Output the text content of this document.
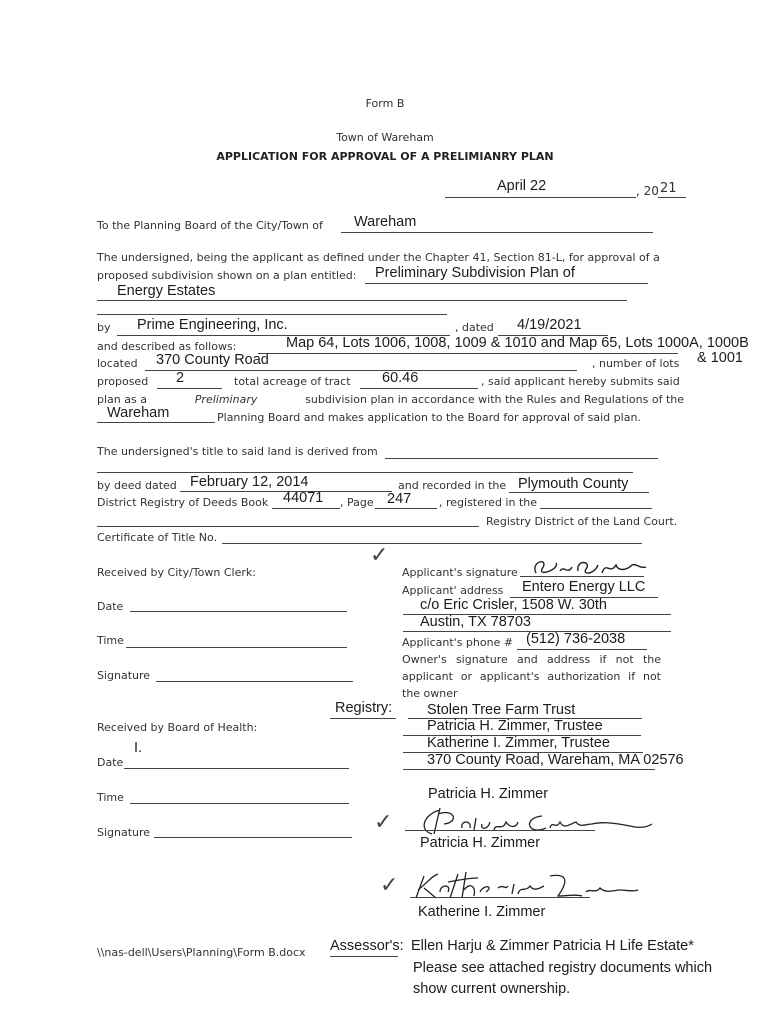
Form B
Town of Wareham
APPLICATION FOR APPROVAL OF A PRELIMIANRY PLAN
April 22	, 20 21
To the Planning Board of the City/Town of Wareham
The undersigned, being the applicant as defined under the Chapter 41, Section 81-L, for approval of a
proposed subdivision shown on a plan entitled: Preliminary Subdivision Plan of
Energy Estates
by Prime Engineering, Inc.	, dated 4/19/2021
and described as follows:	Map 64, Lots 1006, 1008, 1009 & 1010 and Map 65, Lots 1000A, 1000B
located 370 County Road	, number of lots & 1001
proposed 2	total acreage of tract 60.46	, said applicant hereby submits said
plan as a	Preliminary	subdivision plan in accordance with the Rules and Regulations of the
Wareham	Planning Board and makes application to the Board for approval of said plan.
The undersigned's title to said land is derived from
by deed dated February 12, 2014	and recorded in the Plymouth County
District Registry of Deeds Book 44071 , Page 247	, registered in the
Registry District of the Land Court.
Certificate of Title No.
Received by City/Town Clerk:
Date
Time
Signature
Registry:
Received by Board of Health:
I.
Date
Time
Signature
✓
Applicant's signature
Applicant' address Entero Energy LLC
c/o Eric Crisler, 1508 W. 30th
Austin, TX 78703
Applicant's phone # (512) 736-2038
Owner's signature and address if not the
applicant or applicant's authorization if not
the owner
Stolen Tree Farm Trust
Patricia H. Zimmer, Trustee
Katherine I. Zimmer, Trustee
370 County Road, Wareham, MA 02576
Patricia H. Zimmer
✓
Patricia H. Zimmer
✓
Katherine I. Zimmer
\\nas-dell\Users\Planning\Form B.docx Assessor's: Ellen Harju & Zimmer Patricia H Life Estate*
Please see attached registry documents which
show current ownership.
